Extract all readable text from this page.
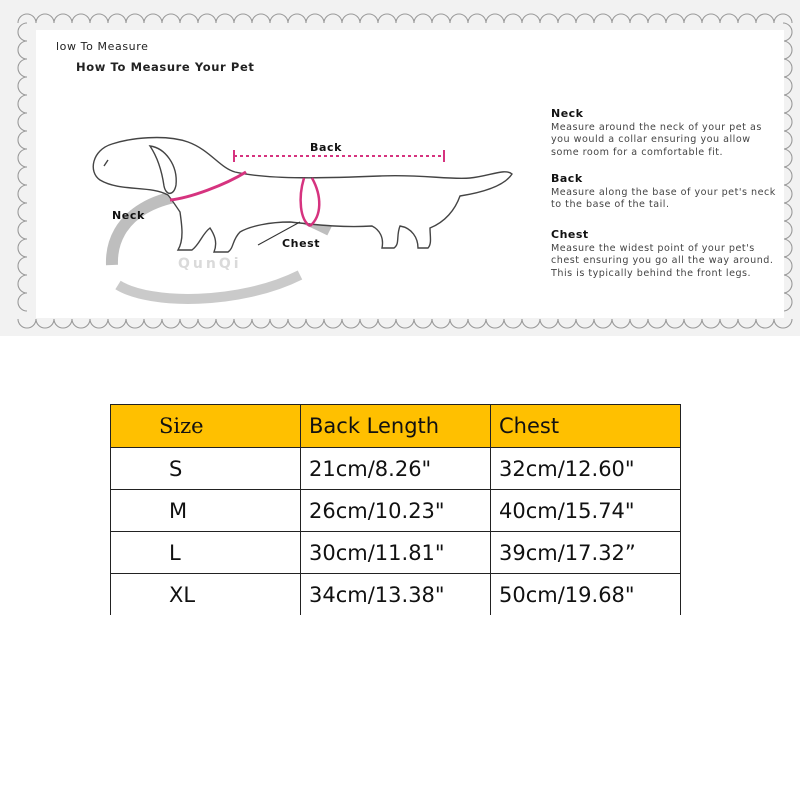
QunQi
low To Measure
How To Measure Your Pet
Back
Neck
Chest
Neck
Measure around the neck of your pet as you would a collar ensuring you allow some room for a comfortable fit.
Back
Measure along the base of your pet's neck to the base of the tail.
Chest
Measure the widest point of your pet's chest ensuring you go all the way around. This is typically behind the front legs.
Size	Back Length	Chest
S	21cm/8.26"	32cm/12.60"
M	26cm/10.23"	40cm/15.74"
L	30cm/11.81"	39cm/17.32”
XL	34cm/13.38"	50cm/19.68"
